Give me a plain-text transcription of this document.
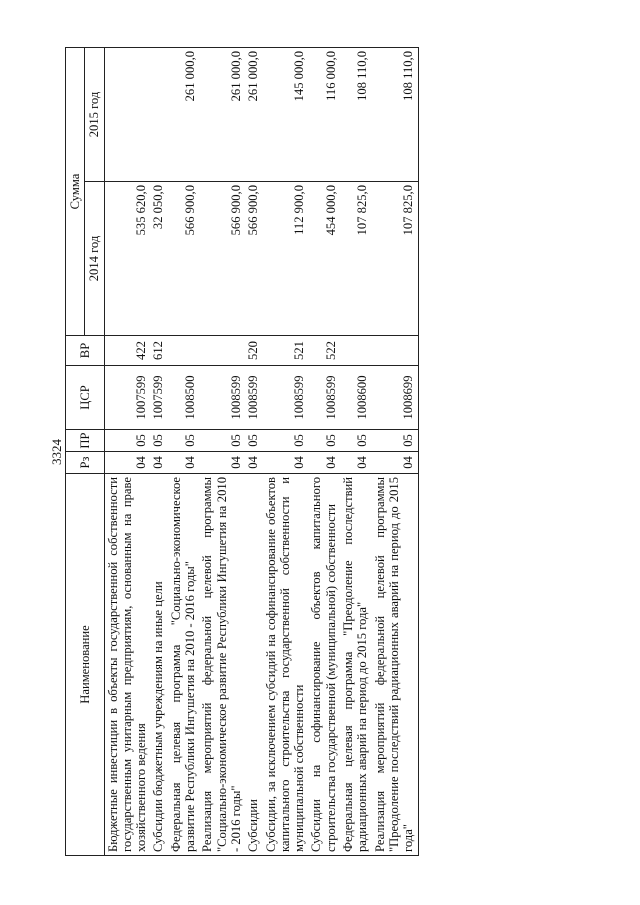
3324
Наименование	Рз	ПР	ЦСР	ВР	Сумма	
					2014 год	2015 год
Бюджетные инвестиции в объекты государственной собственности государственным унитарным предприятиям, основанным на праве хозяйственного ведения	04	05	1007599	422	535 620,0	
Субсидии бюджетным учреждениям на иные цели	04	05	1007599	612	32 050,0	
Федеральная целевая программа "Социально-экономическое развитие Республики Ингушетия на 2010 - 2016 годы"	04	05	1008500		566 900,0	261 000,0
Реализация мероприятий федеральной целевой программы "Социально-экономическое развитие Республики Ингушетия на 2010 - 2016 годы"	04	05	1008599		566 900,0	261 000,0
Субсидии	04	05	1008599	520	566 900,0	261 000,0
Субсидии, за исключением субсидий на софинансирование объектов капитального строительства государственной собственности и муниципальной собственности	04	05	1008599	521	112 900,0	145 000,0
Субсидии на софинансирование объектов капитального строительства государственной (муниципальной) собственности	04	05	1008599	522	454 000,0	116 000,0
Федеральная целевая программа "Преодоление последствий радиационных аварий на период до 2015 года"	04	05	1008600		107 825,0	108 110,0
Реализация мероприятий федеральной целевой программы "Преодоление последствий радиационных аварий на период до 2015 года"	04	05	1008699		107 825,0	108 110,0
